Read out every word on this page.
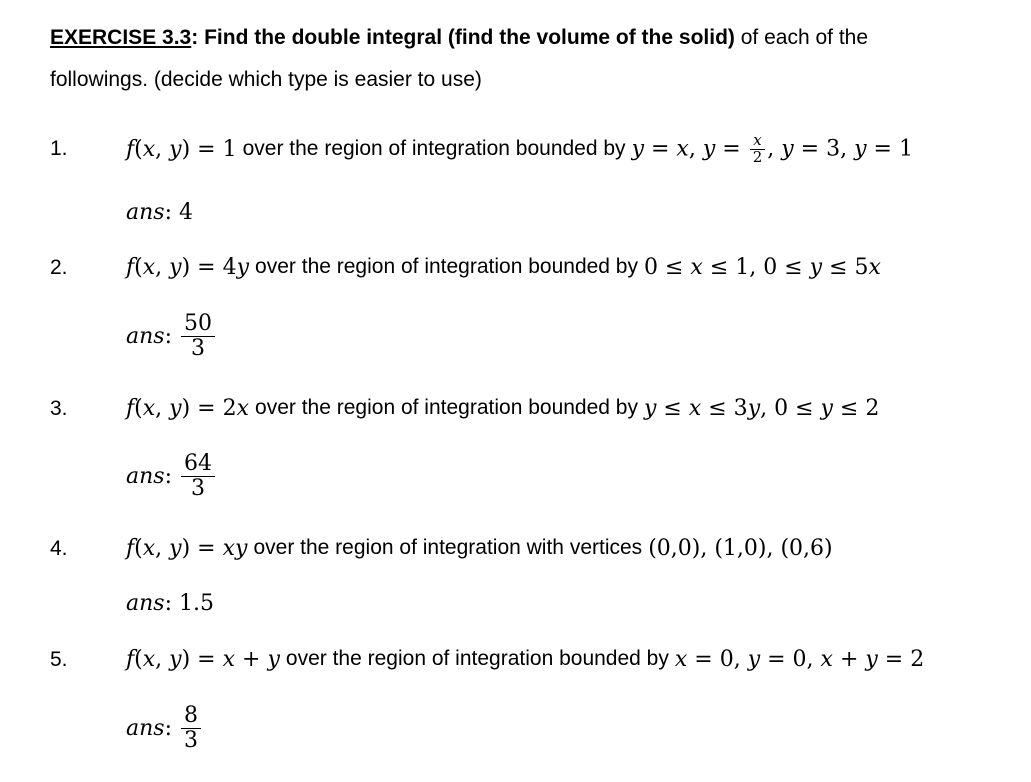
EXERCISE 3.3: Find the double integral (find the volume of the solid) of each of the
followings. (decide which type is easier to use)
1.	f(x, y) = 1 over the region of integration bounded by y = x, $y = \frac{x}{2}$ , y = 3, y = 1
ans : 4
2.	f(x, y) = 4y over the region of integration bounded by 0 ≤ x ≤ 1, 0 ≤ y ≤ 5x
ans : $\frac{50}{3}$
3.	f(x, y) = 2x over the region of integration bounded by y ≤ x ≤ 3y, 0 ≤ y ≤ 2
ans : $\frac{64}{3}$
4.	f(x, y) = xy over the region of integration with vertices (0,0), (1,0), (0,6)
ans : 1.5
5.	f(x, y) = x + y over the region of integration bounded by x = 0, y = 0, x + y = 2
ans : $\frac{8}{3}$
